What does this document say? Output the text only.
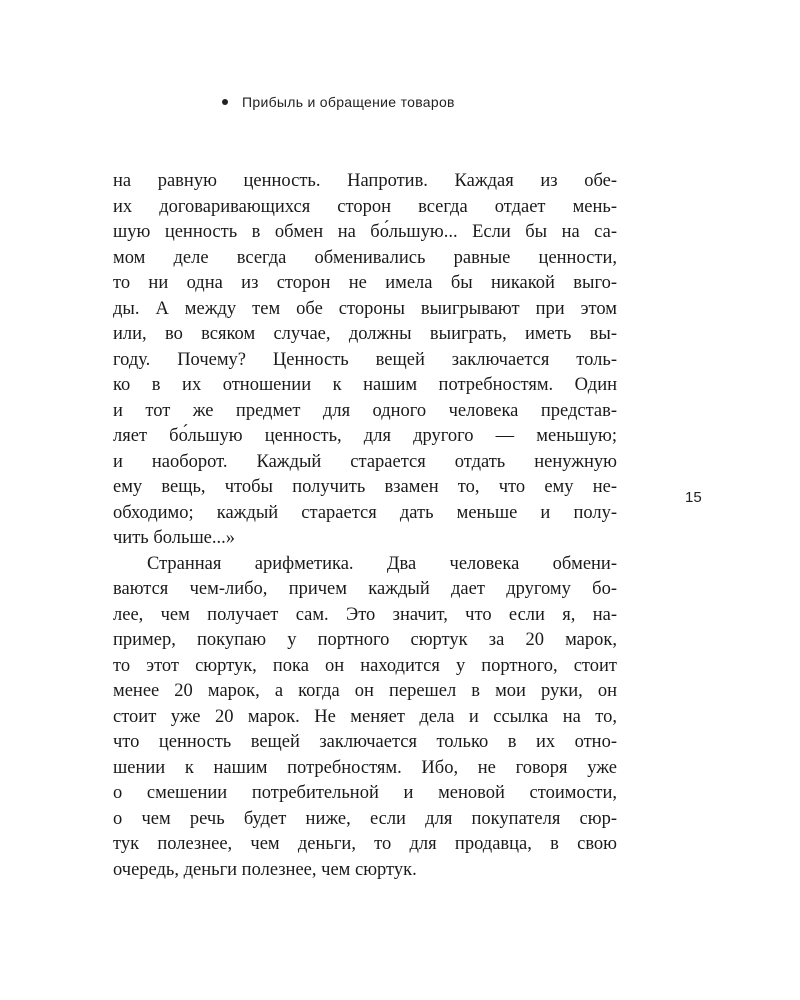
Прибыль и обращение товаров

на равную ценность. Напротив. Каждая из обе-
их договаривающихся сторон всегда отдает мень-
шую ценность в обмен на бо́льшую... Если бы на са-
мом деле всегда обменивались равные ценности,
то ни одна из сторон не имела бы никакой выго-
ды. А между тем обе стороны выигрывают при этом
или, во всяком случае, должны выиграть, иметь вы-
году. Почему? Ценность вещей заключается толь-
ко в их отношении к нашим потребностям. Один
и тот же предмет для одного человека представ-
ляет бо́льшую ценность, для другого — меньшую;
и наоборот. Каждый старается отдать ненужную
ему вещь, чтобы получить взамен то, что ему не-
обходимо; каждый старается дать меньше и полу-
чить больше...»

Странная арифметика. Два человека обмени-
ваются чем-либо, причем каждый дает другому бо-
лее, чем получает сам. Это значит, что если я, на-
пример, покупаю у портного сюртук за 20 марок,
то этот сюртук, пока он находится у портного, стоит
менее 20 марок, а когда он перешел в мои руки, он
стоит уже 20 марок. Не меняет дела и ссылка на то,
что ценность вещей заключается только в их отно-
шении к нашим потребностям. Ибо, не говоря уже
о смешении потребительной и меновой стоимости,
о чем речь будет ниже, если для покупателя сюр-
тук полезнее, чем деньги, то для продавца, в свою
очередь, деньги полезнее, чем сюртук.

15
